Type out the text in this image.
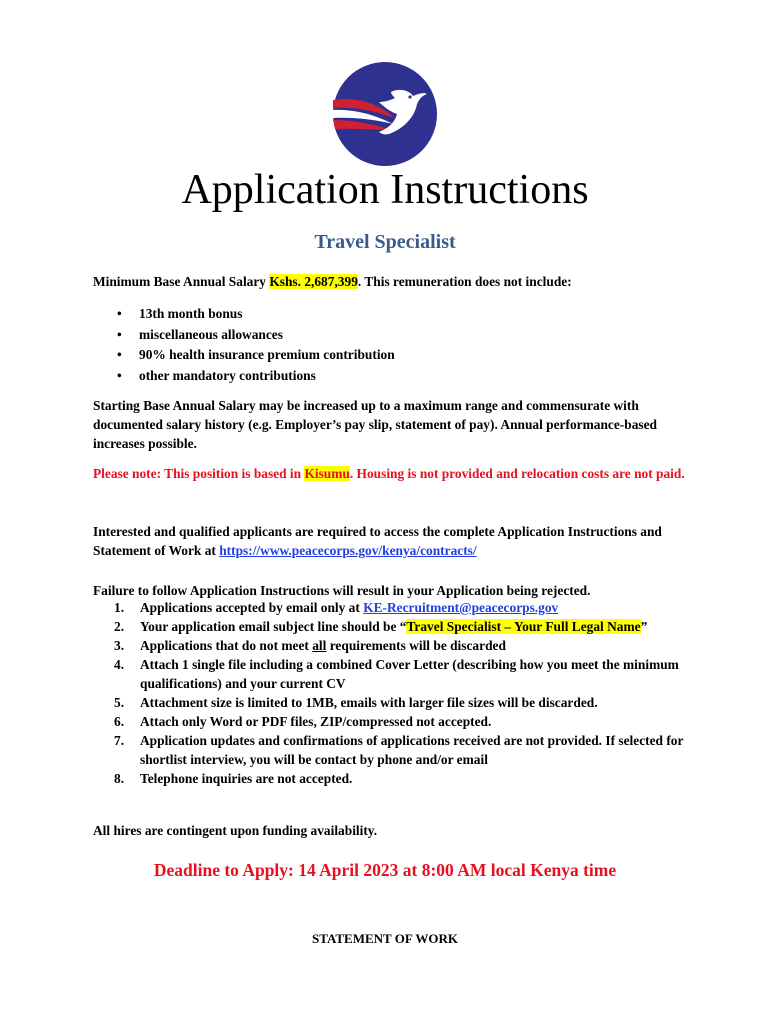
Application Instructions
Travel Specialist
Minimum Base Annual Salary Kshs. 2,687,399. This remuneration does not include:
• 13th month bonus
• miscellaneous allowances
• 90% health insurance premium contribution
• other mandatory contributions
Starting Base Annual Salary may be increased up to a maximum range and commensurate with documented salary history (e.g. Employer’s pay slip, statement of pay). Annual performance-based increases possible.
Please note: This position is based in Kisumu. Housing is not provided and relocation costs are not paid.
Interested and qualified applicants are required to access the complete Application Instructions and Statement of Work at https://www.peacecorps.gov/kenya/contracts/
Failure to follow Application Instructions will result in your Application being rejected.
1. Applications accepted by email only at KE-Recruitment@peacecorps.gov
2. Your application email subject line should be “Travel Specialist – Your Full Legal Name”
3. Applications that do not meet all requirements will be discarded
4. Attach 1 single file including a combined Cover Letter (describing how you meet the minimum qualifications) and your current CV
5. Attachment size is limited to 1MB, emails with larger file sizes will be discarded.
6. Attach only Word or PDF files, ZIP/compressed not accepted.
7. Application updates and confirmations of applications received are not provided. If selected for shortlist interview, you will be contact by phone and/or email
8. Telephone inquiries are not accepted.
All hires are contingent upon funding availability.
Deadline to Apply: 14 April 2023 at 8:00 AM local Kenya time
STATEMENT OF WORK
